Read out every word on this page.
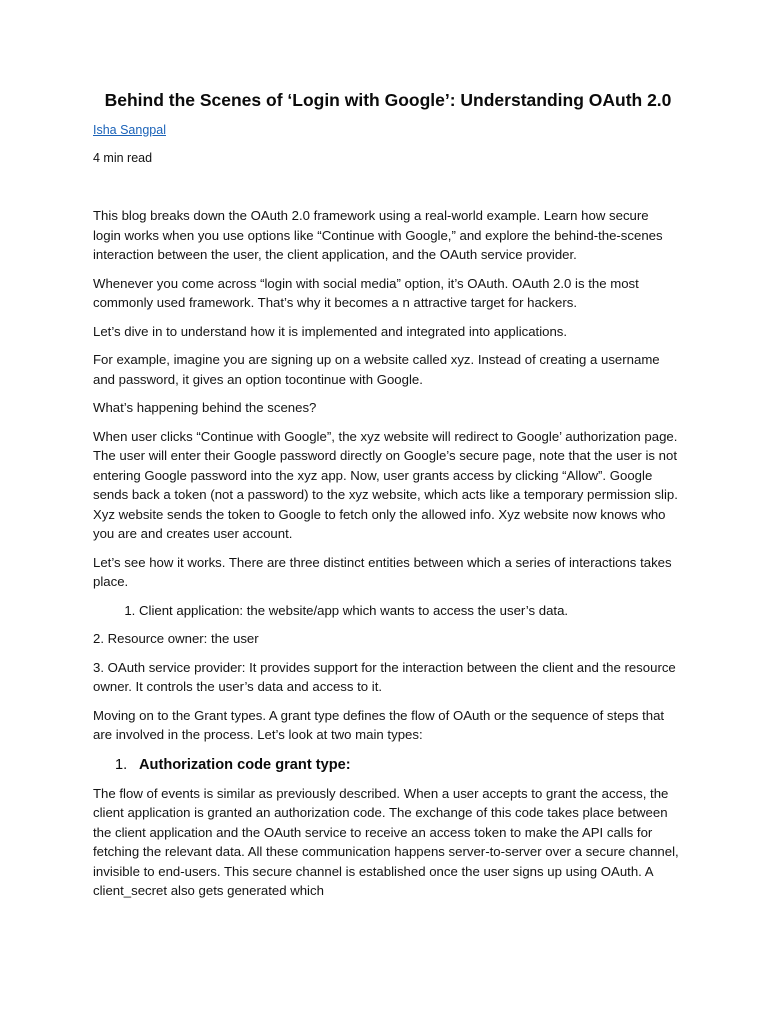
Behind the Scenes of ‘Login with Google’: Understanding OAuth 2.0
Isha Sangpal
4 min read

This blog breaks down the OAuth 2.0 framework using a real-world example. Learn how secure login works when you use options like “Continue with Google,” and explore the behind-the-scenes interaction between the user, the client application, and the OAuth service provider.

Whenever you come across “login with social media” option, it’s OAuth. OAuth 2.0 is the most commonly used framework. That’s why it becomes a n attractive target for hackers.

Let’s dive in to understand how it is implemented and integrated into applications.

For example, imagine you are signing up on a website called xyz. Instead of creating a username and password, it gives an option tocontinue with Google.

What’s happening behind the scenes?

When user clicks “Continue with Google”, the xyz website will redirect to Google’ authorization page. The user will enter their Google password directly on Google’s secure page, note that the user is not entering Google password into the xyz app. Now, user grants access by clicking “Allow”. Google sends back a token (not a password) to the xyz website, which acts like a temporary permission slip. Xyz website sends the token to Google to fetch only the allowed info. Xyz website now knows who you are and creates user account.

Let’s see how it works. There are three distinct entities between which a series of interactions takes place.

1. Client application: the website/app which wants to access the user’s data.

2. Resource owner: the user

3. OAuth service provider: It provides support for the interaction between the client and the resource owner. It controls the user’s data and access to it.

Moving on to the Grant types. A grant type defines the flow of OAuth or the sequence of steps that are involved in the process. Let’s look at two main types:

1. Authorization code grant type:

The flow of events is similar as previously described. When a user accepts to grant the access, the client application is granted an authorization code. The exchange of this code takes place between the client application and the OAuth service to receive an access token to make the API calls for fetching the relevant data. All these communication happens server-to-server over a secure channel, invisible to end-users. This secure channel is established once the user signs up using OAuth. A client_secret also gets generated which
